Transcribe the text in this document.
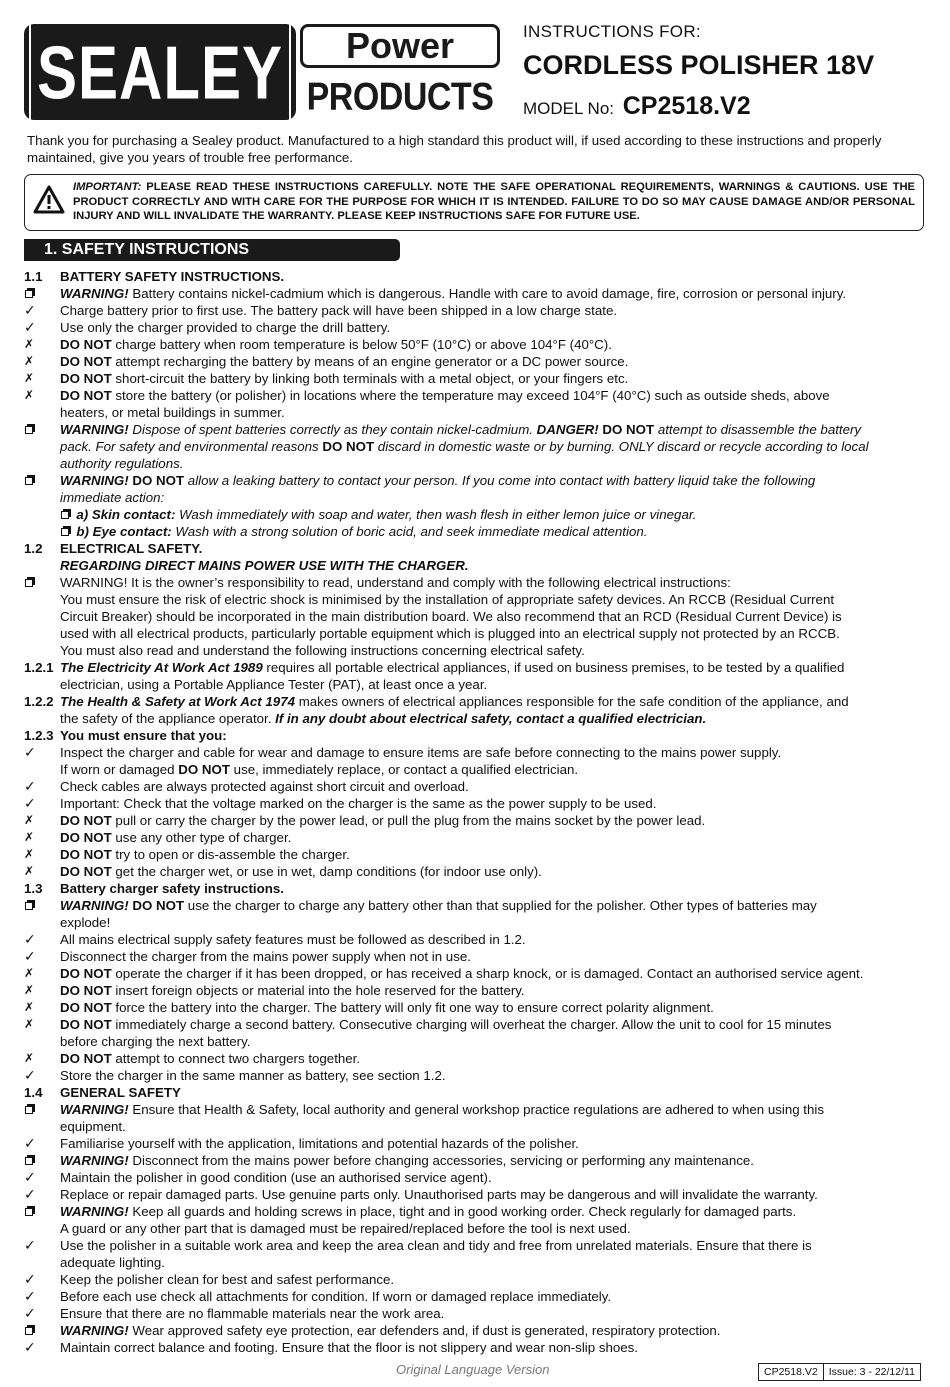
SEALEY	Power
PRODUCTS
INSTRUCTIONS FOR:
CORDLESS POLISHER 18V
MODEL No: CP2518.V2
Thank you for purchasing a Sealey product. Manufactured to a high standard this product will, if used according to these instructions and properly maintained, give you years of trouble free performance.
IMPORTANT: PLEASE READ THESE INSTRUCTIONS CAREFULLY. NOTE THE SAFE OPERATIONAL REQUIREMENTS, WARNINGS & CAUTIONS. USE THE PRODUCT CORRECTLY AND WITH CARE FOR THE PURPOSE FOR WHICH IT IS INTENDED. FAILURE TO DO SO MAY CAUSE DAMAGE AND/OR PERSONAL INJURY AND WILL INVALIDATE THE WARRANTY. PLEASE KEEP INSTRUCTIONS SAFE FOR FUTURE USE.
1. SAFETY INSTRUCTIONS
1.1	BATTERY SAFETY INSTRUCTIONS.
WARNING! Battery contains nickel-cadmium which is dangerous. Handle with care to avoid damage, fire, corrosion or personal injury.
✓	Charge battery prior to first use. The battery pack will have been shipped in a low charge state.
✓	Use only the charger provided to charge the drill battery.
✗	DO NOT charge battery when room temperature is below 50°F (10°C) or above 104°F (40°C).
✗	DO NOT attempt recharging the battery by means of an engine generator or a DC power source.
✗	DO NOT short-circuit the battery by linking both terminals with a metal object, or your fingers etc.
✗	DO NOT store the battery (or polisher) in locations where the temperature may exceed 104°F (40°C) such as outside sheds, above
heaters, or metal buildings in summer.
WARNING! Dispose of spent batteries correctly as they contain nickel-cadmium. DANGER! DO NOT attempt to disassemble the battery
pack. For safety and environmental reasons DO NOT discard in domestic waste or by burning. ONLY discard or recycle according to local
authority regulations.
WARNING! DO NOT allow a leaking battery to contact your person. If you come into contact with battery liquid take the following
immediate action:
a) Skin contact: Wash immediately with soap and water, then wash flesh in either lemon juice or vinegar.
b) Eye contact: Wash with a strong solution of boric acid, and seek immediate medical attention.
1.2	ELECTRICAL SAFETY.
REGARDING DIRECT MAINS POWER USE WITH THE CHARGER.
WARNING! It is the owner’s responsibility to read, understand and comply with the following electrical instructions:
You must ensure the risk of electric shock is minimised by the installation of appropriate safety devices. An RCCB (Residual Current
Circuit Breaker) should be incorporated in the main distribution board. We also recommend that an RCD (Residual Current Device) is
used with all electrical products, particularly portable equipment which is plugged into an electrical supply not protected by an RCCB.
You must also read and understand the following instructions concerning electrical safety.
1.2.1 The Electricity At Work Act 1989 requires all portable electrical appliances, if used on business premises, to be tested by a qualified
electrician, using a Portable Appliance Tester (PAT), at least once a year.
1.2.2 The Health & Safety at Work Act 1974 makes owners of electrical appliances responsible for the safe condition of the appliance, and
the safety of the appliance operator. If in any doubt about electrical safety, contact a qualified electrician.
1.2.3 You must ensure that you:
✓	Inspect the charger and cable for wear and damage to ensure items are safe before connecting to the mains power supply.
If worn or damaged DO NOT use, immediately replace, or contact a qualified electrician.
✓	Check cables are always protected against short circuit and overload.
✓	Important: Check that the voltage marked on the charger is the same as the power supply to be used.
✗	DO NOT pull or carry the charger by the power lead, or pull the plug from the mains socket by the power lead.
✗	DO NOT use any other type of charger.
✗	DO NOT try to open or dis-assemble the charger.
✗	DO NOT get the charger wet, or use in wet, damp conditions (for indoor use only).
1.3	Battery charger safety instructions.
WARNING! DO NOT use the charger to charge any battery other than that supplied for the polisher. Other types of batteries may
explode!
✓	All mains electrical supply safety features must be followed as described in 1.2.
✓	Disconnect the charger from the mains power supply when not in use.
✗	DO NOT operate the charger if it has been dropped, or has received a sharp knock, or is damaged. Contact an authorised service agent.
✗	DO NOT insert foreign objects or material into the hole reserved for the battery.
✗	DO NOT force the battery into the charger. The battery will only fit one way to ensure correct polarity alignment.
✗	DO NOT immediately charge a second battery. Consecutive charging will overheat the charger. Allow the unit to cool for 15 minutes
before charging the next battery.
✗	DO NOT attempt to connect two chargers together.
✓	Store the charger in the same manner as battery, see section 1.2.
1.4	GENERAL SAFETY
WARNING! Ensure that Health & Safety, local authority and general workshop practice regulations are adhered to when using this
equipment.
✓	Familiarise yourself with the application, limitations and potential hazards of the polisher.
WARNING! Disconnect from the mains power before changing accessories, servicing or performing any maintenance.
✓	Maintain the polisher in good condition (use an authorised service agent).
✓	Replace or repair damaged parts. Use genuine parts only. Unauthorised parts may be dangerous and will invalidate the warranty.
WARNING! Keep all guards and holding screws in place, tight and in good working order. Check regularly for damaged parts.
A guard or any other part that is damaged must be repaired/replaced before the tool is next used.
✓	Use the polisher in a suitable work area and keep the area clean and tidy and free from unrelated materials. Ensure that there is
adequate lighting.
✓	Keep the polisher clean for best and safest performance.
✓	Before each use check all attachments for condition. If worn or damaged replace immediately.
✓	Ensure that there are no flammable materials near the work area.
WARNING! Wear approved safety eye protection, ear defenders and, if dust is generated, respiratory protection.
✓	Maintain correct balance and footing. Ensure that the floor is not slippery and wear non-slip shoes.
Original Language Version	CP2518.V2	Issue: 3 - 22/12/11
